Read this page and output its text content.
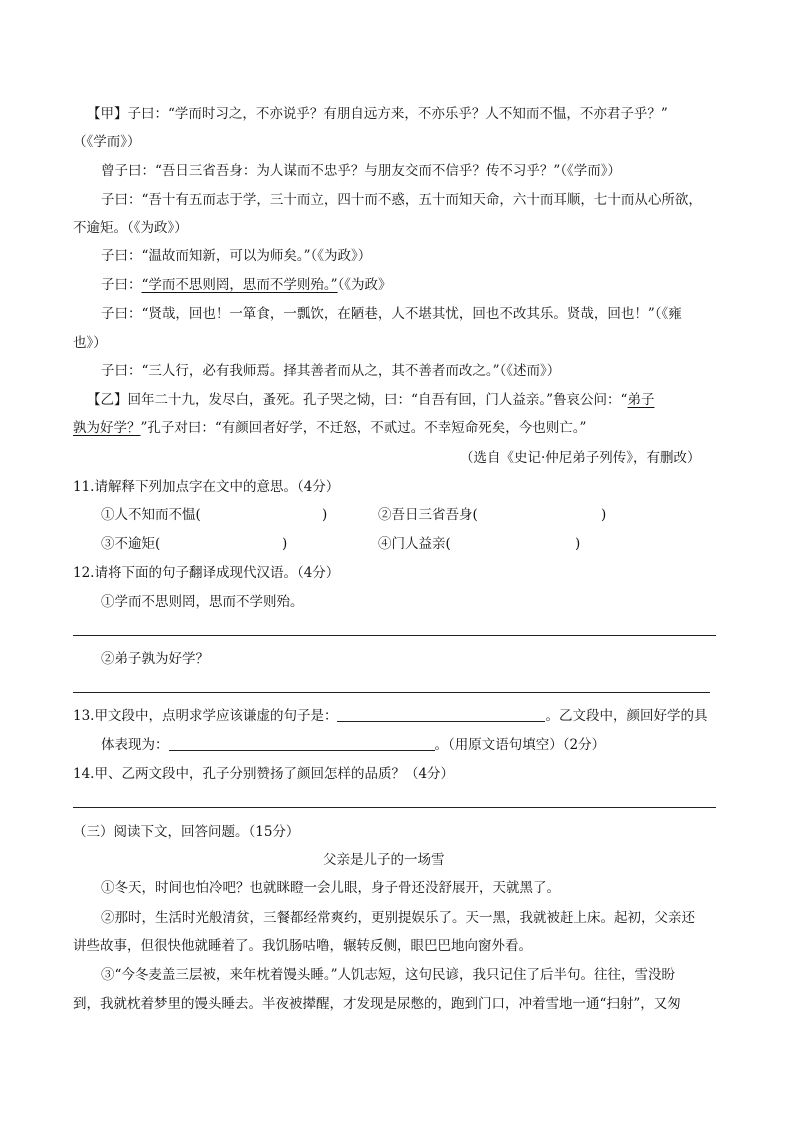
【甲】子曰：“学而时习之，不亦说乎？有朋自远方来，不亦乐乎？人不知而不愠，不亦君子乎？”
（《学而》）
曾子曰：“吾日三省吾身：为人谋而不忠乎？与朋友交而不信乎？传不习乎？”（《学而》）
子曰：“吾十有五而志于学，三十而立，四十而不惑，五十而知天命，六十而耳顺，七十而从心所欲，
不逾矩。（《为政》）
子曰：“温故而知新，可以为师矣。”（《为政》）
子曰：“学而不思则罔，思而不学则殆。”（《为政》
子曰：“贤哉，回也！一箪食，一瓢饮，在陋巷，人不堪其忧，回也不改其乐。贤哉，回也！”（《雍
也》）
子曰：“三人行，必有我师焉。择其善者而从之，其不善者而改之。”（《述而》）
【乙】回年二十九，发尽白，蚤死。孔子哭之恸，曰：“自吾有回，门人益亲。”鲁哀公问：“弟子
孰为好学？”孔子对曰：“有颜回者好学，不迁怒，不贰过。不幸短命死矣，今也则亡。”
（选自《史记·仲尼弟子列传》，有删改）
11.请解释下列加点字在文中的意思。（4分）
①人不知而不愠(	)	②吾日三省吾身(	)
③不逾矩(	)	④门人益亲(	)
12.请将下面的句子翻译成现代汉语。（4分）
①学而不思则罔，思而不学则殆。
②弟子孰为好学？
13.甲文段中，点明求学应该谦虚的句子是：	。乙文段中，颜回好学的具
体表现为：	。（用原文语句填空）（2分）
14.甲、乙两文段中，孔子分别赞扬了颜回怎样的品质？（4分）
（三）阅读下文，回答问题。（15分）
父亲是儿子的一场雪
①冬天，时间也怕冷吧？也就眯瞪一会儿眼，身子骨还没舒展开，天就黑了。
②那时，生活时光般清贫，三餐都经常爽约，更别提娱乐了。天一黑，我就被赶上床。起初，父亲还
讲些故事，但很快他就睡着了。我饥肠咕噜，辗转反侧，眼巴巴地向窗外看。
③“今冬麦盖三层被，来年枕着馒头睡。”人饥志短，这句民谚，我只记住了后半句。往往，雪没盼
到，我就枕着梦里的馒头睡去。半夜被撵醒，才发现是尿憋的，跑到门口，冲着雪地一通“扫射”，又匆
